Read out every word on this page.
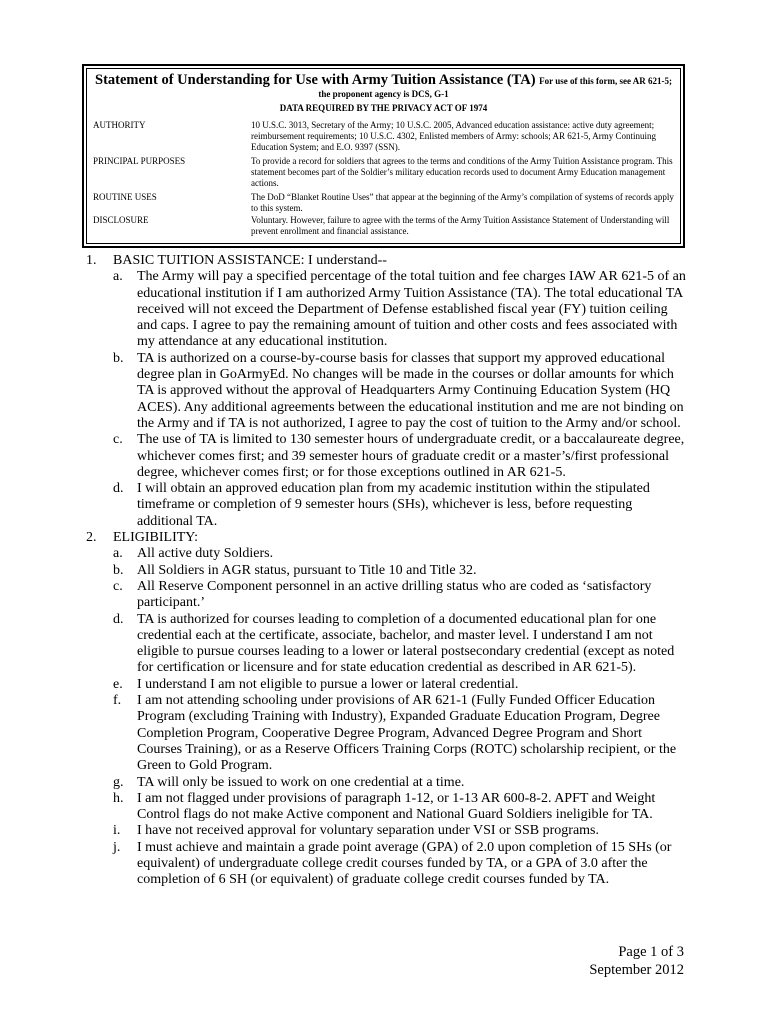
Statement of Understanding for Use with Army Tuition Assistance (TA) For use of this form, see AR 621-5;
the proponent agency is DCS, G-1
DATA REQUIRED BY THE PRIVACY ACT OF 1974
AUTHORITY	10 U.S.C. 3013, Secretary of the Army; 10 U.S.C. 2005, Advanced education assistance: active duty agreement; reimbursement requirements; 10 U.S.C. 4302, Enlisted members of Army: schools; AR 621-5, Army Continuing Education System; and E.O. 9397 (SSN).
PRINCIPAL PURPOSES	To provide a record for soldiers that agrees to the terms and conditions of the Army Tuition Assistance program. This statement becomes part of the Soldier’s military education records used to document Army Education management actions.
ROUTINE USES	The DoD “Blanket Routine Uses” that appear at the beginning of the Army’s compilation of systems of records apply to this system.
DISCLOSURE	Voluntary. However, failure to agree with the terms of the Army Tuition Assistance Statement of Understanding will prevent enrollment and financial assistance.
1. BASIC TUITION ASSISTANCE: I understand--
a. The Army will pay a specified percentage of the total tuition and fee charges IAW AR 621-5 of an educational institution if I am authorized Army Tuition Assistance (TA). The total educational TA received will not exceed the Department of Defense established fiscal year (FY) tuition ceiling and caps. I agree to pay the remaining amount of tuition and other costs and fees associated with my attendance at any educational institution.
b. TA is authorized on a course-by-course basis for classes that support my approved educational degree plan in GoArmyEd. No changes will be made in the courses or dollar amounts for which TA is approved without the approval of Headquarters Army Continuing Education System (HQ ACES). Any additional agreements between the educational institution and me are not binding on the Army and if TA is not authorized, I agree to pay the cost of tuition to the Army and/or school.
c. The use of TA is limited to 130 semester hours of undergraduate credit, or a baccalaureate degree, whichever comes first; and 39 semester hours of graduate credit or a master’s/first professional degree, whichever comes first; or for those exceptions outlined in AR 621-5.
d. I will obtain an approved education plan from my academic institution within the stipulated timeframe or completion of 9 semester hours (SHs), whichever is less, before requesting additional TA.
2. ELIGIBILITY:
a. All active duty Soldiers.
b. All Soldiers in AGR status, pursuant to Title 10 and Title 32.
c. All Reserve Component personnel in an active drilling status who are coded as ‘satisfactory participant.’
d. TA is authorized for courses leading to completion of a documented educational plan for one credential each at the certificate, associate, bachelor, and master level. I understand I am not eligible to pursue courses leading to a lower or lateral postsecondary credential (except as noted for certification or licensure and for state education credential as described in AR 621-5).
e. I understand I am not eligible to pursue a lower or lateral credential.
f. I am not attending schooling under provisions of AR 621-1 (Fully Funded Officer Education Program (excluding Training with Industry), Expanded Graduate Education Program, Degree Completion Program, Cooperative Degree Program, Advanced Degree Program and Short Courses Training), or as a Reserve Officers Training Corps (ROTC) scholarship recipient, or the Green to Gold Program.
g. TA will only be issued to work on one credential at a time.
h. I am not flagged under provisions of paragraph 1-12, or 1-13 AR 600-8-2. APFT and Weight Control flags do not make Active component and National Guard Soldiers ineligible for TA.
i. I have not received approval for voluntary separation under VSI or SSB programs.
j. I must achieve and maintain a grade point average (GPA) of 2.0 upon completion of 15 SHs (or equivalent) of undergraduate college credit courses funded by TA, or a GPA of 3.0 after the completion of 6 SH (or equivalent) of graduate college credit courses funded by TA.
Page 1 of 3
September 2012
